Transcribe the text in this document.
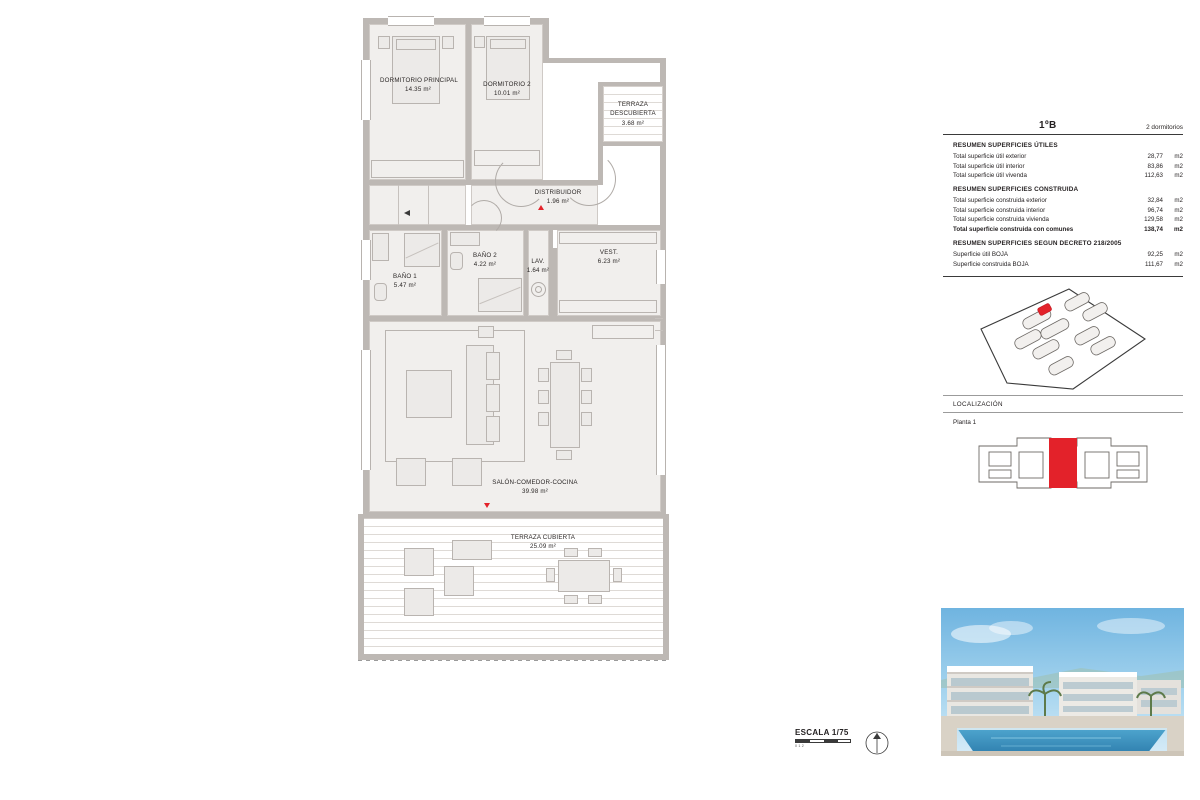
DORMITORIO PRINCIPAL
14.35 m²
DORMITORIO 2
10.01 m²
TERRAZA
DESCUBIERTA
3.68 m²
DISTRIBUIDOR
1.96 m²
BAÑO 1
5.47 m²
BAÑO 2
4.22 m²	LAV.
1.64 m²
VEST.
6.23 m²
SALÓN-COMEDOR-COCINA
39.98 m²
TERRAZA CUBIERTA
25.09 m²
1ºB	2 dormitorios
RESUMEN SUPERFICIES ÚTILES
Total superficie útil exterior	28,77	m2
Total superficie útil interior	83,86	m2
Total superficie útil vivenda	112,63	m2
RESUMEN SUPERFICIES CONSTRUIDA
Total superficie construida exterior	32,84	m2
Total superficie construida interior	96,74	m2
Total superficie construida vivienda	129,58	m2
Total superficie construida con comunes	138,74	m2
RESUMEN SUPERFICIES SEGUN DECRETO 218/2005
Superficie útil BOJA	92,25	m2
Superficie construida BOJA	111,67	m2
LOCALIZACIÓN
Planta 1
ESCALA 1/75
0 1 2
